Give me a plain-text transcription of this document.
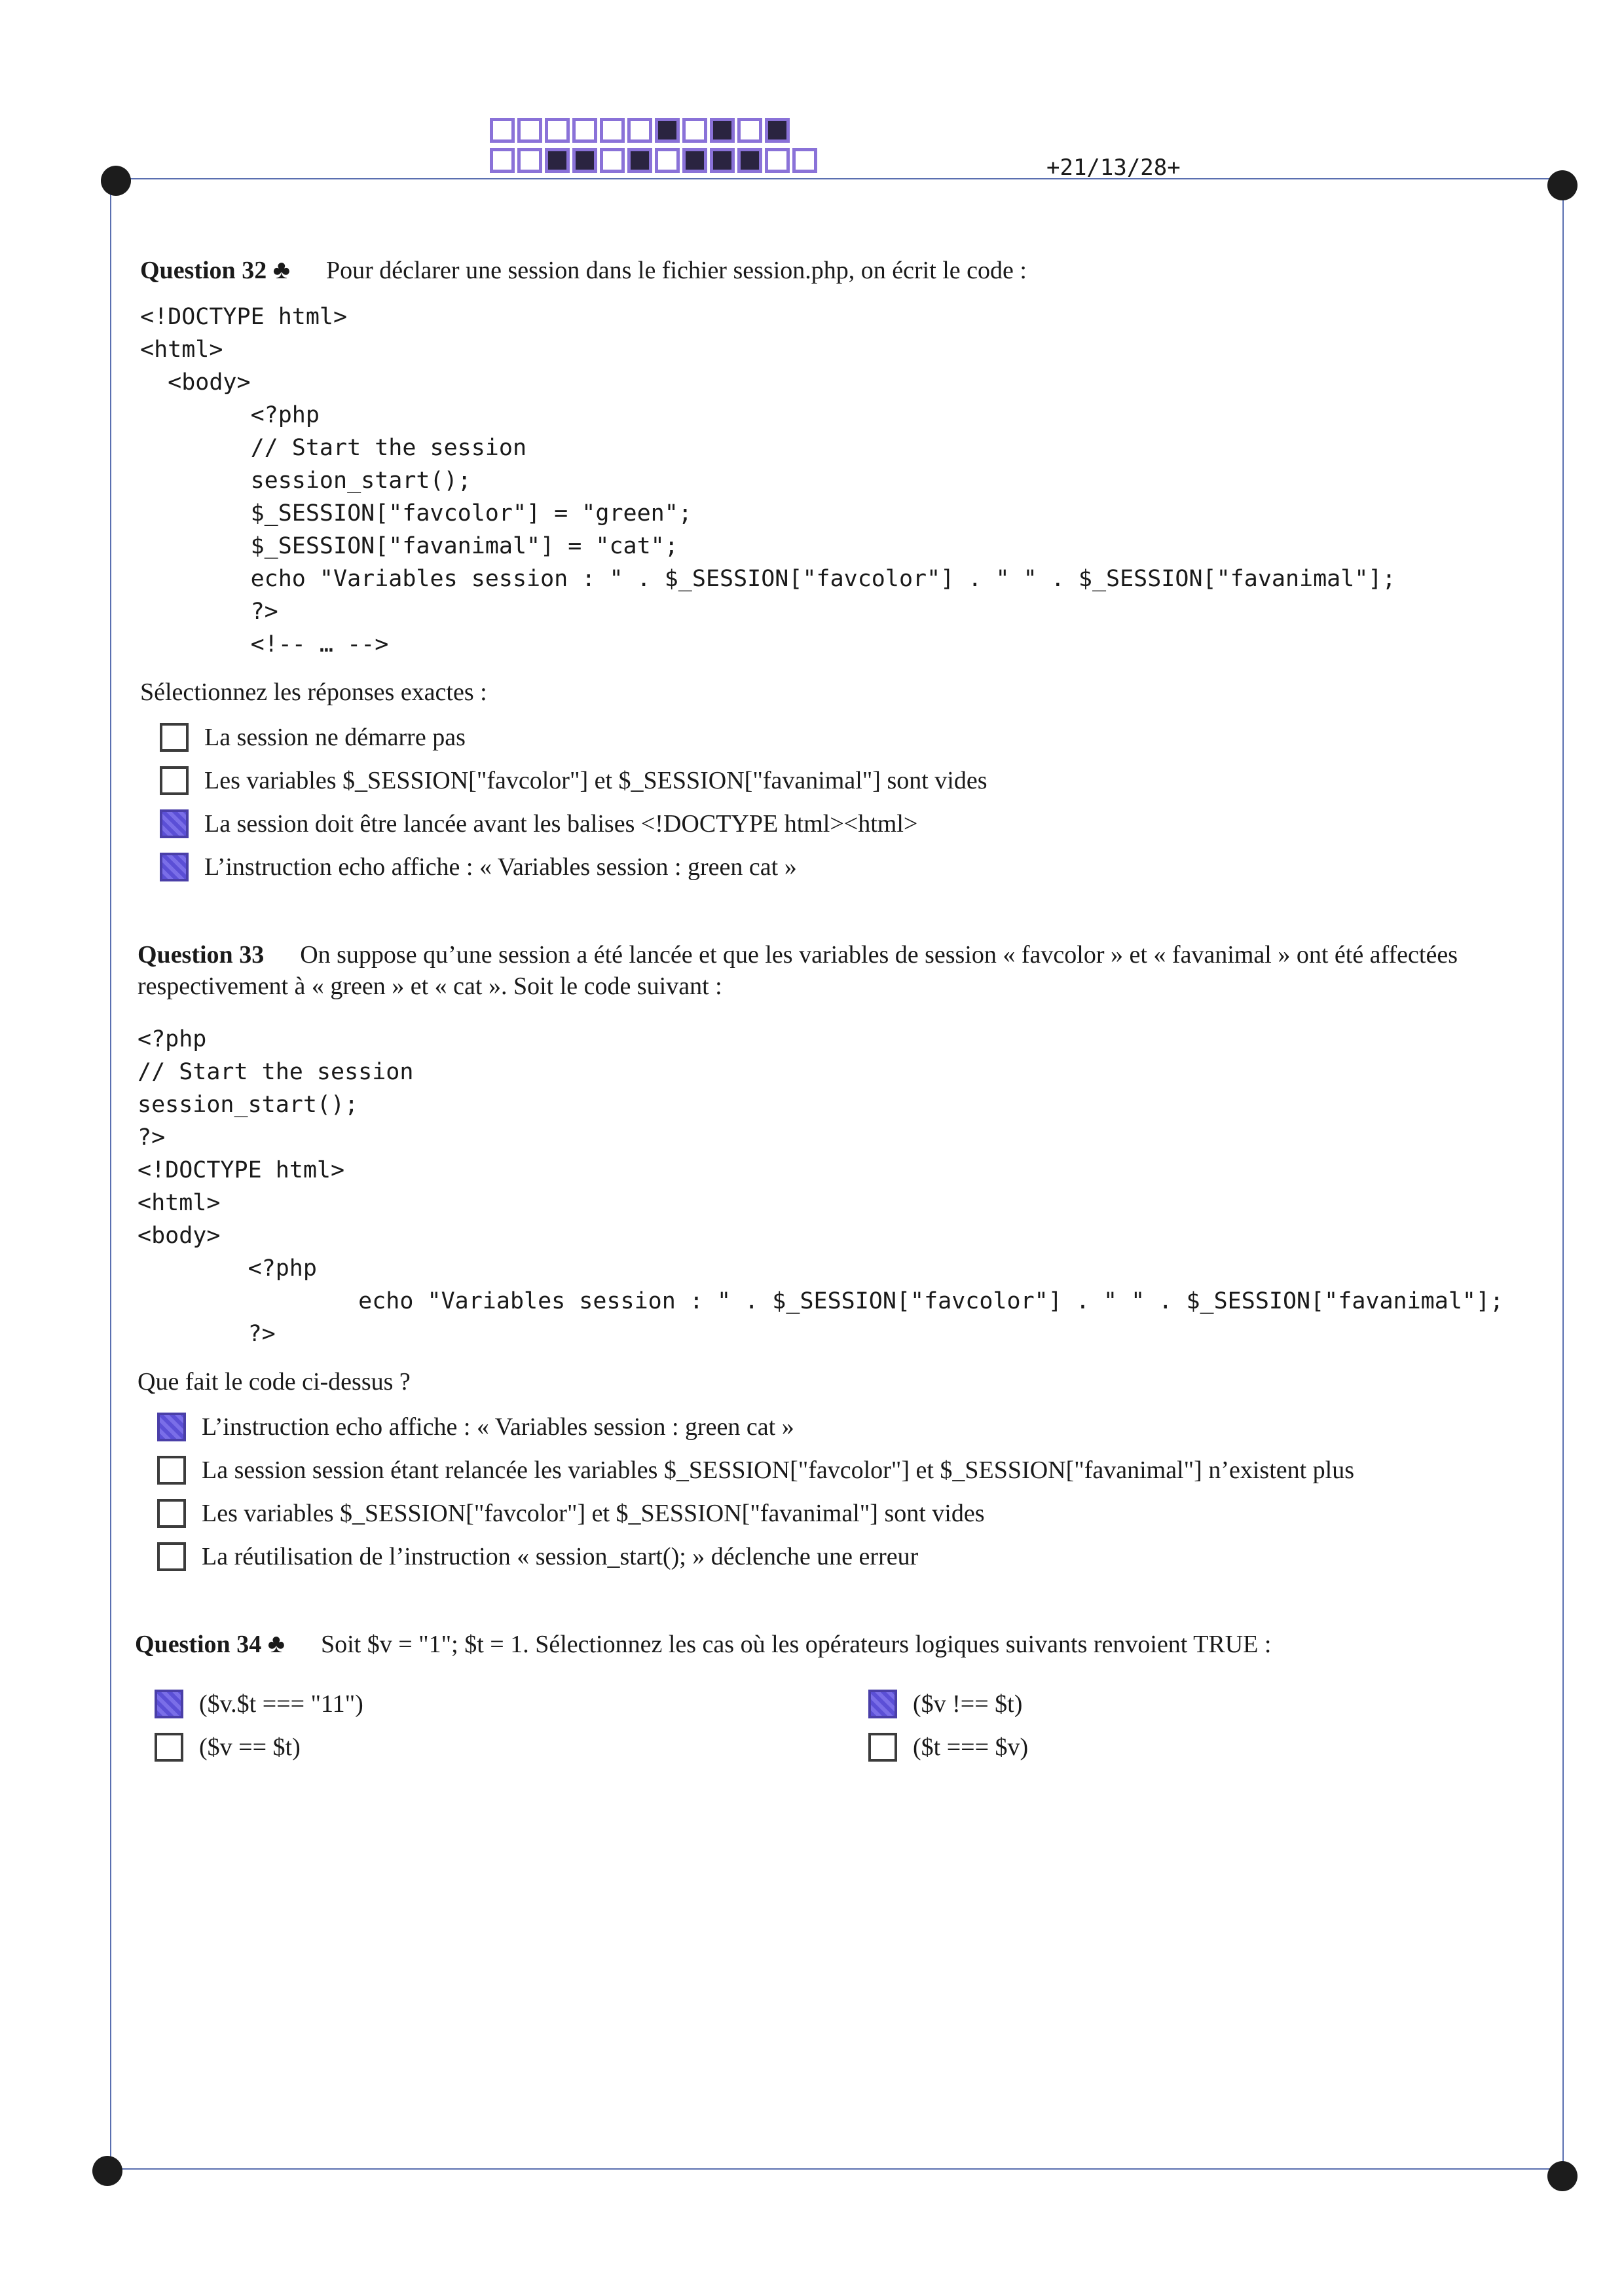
+21/13/28+
Question 32 ♣ Pour déclarer une session dans le fichier session.php, on écrit le code :
<!DOCTYPE html>
<html>
<body>
<?php
// Start the session
session_start();
$_SESSION["favcolor"] = "green";
$_SESSION["favanimal"] = "cat";
echo "Variables session : " . $_SESSION["favcolor"] . " " . $_SESSION["favanimal"];
?>
<!-- … -->
Sélectionnez les réponses exactes :
La session ne démarre pas
Les variables $_SESSION["favcolor"] et $_SESSION["favanimal"] sont vides
La session doit être lancée avant les balises <!DOCTYPE html><html>
L’instruction echo affiche : « Variables session : green cat »
Question 33 On suppose qu’une session a été lancée et que les variables de session « favcolor » et « favanimal » ont été affectées respectivement à « green » et « cat ». Soit le code suivant :
<?php
// Start the session
session_start();
?>
<!DOCTYPE html>
<html>
<body>
<?php
echo "Variables session : " . $_SESSION["favcolor"] . " " . $_SESSION["favanimal"];
?>
Que fait le code ci-dessus ?
L’instruction echo affiche : « Variables session : green cat »
La session session étant relancée les variables $_SESSION["favcolor"] et $_SESSION["favanimal"] n’existent plus
Les variables $_SESSION["favcolor"] et $_SESSION["favanimal"] sont vides
La réutilisation de l’instruction « session_start(); » déclenche une erreur
Question 34 ♣ Soit $v = "1"; $t = 1. Sélectionnez les cas où les opérateurs logiques suivants renvoient TRUE :
($v.$t === "11")	($v !== $t)
($v == $t)	($t === $v)
